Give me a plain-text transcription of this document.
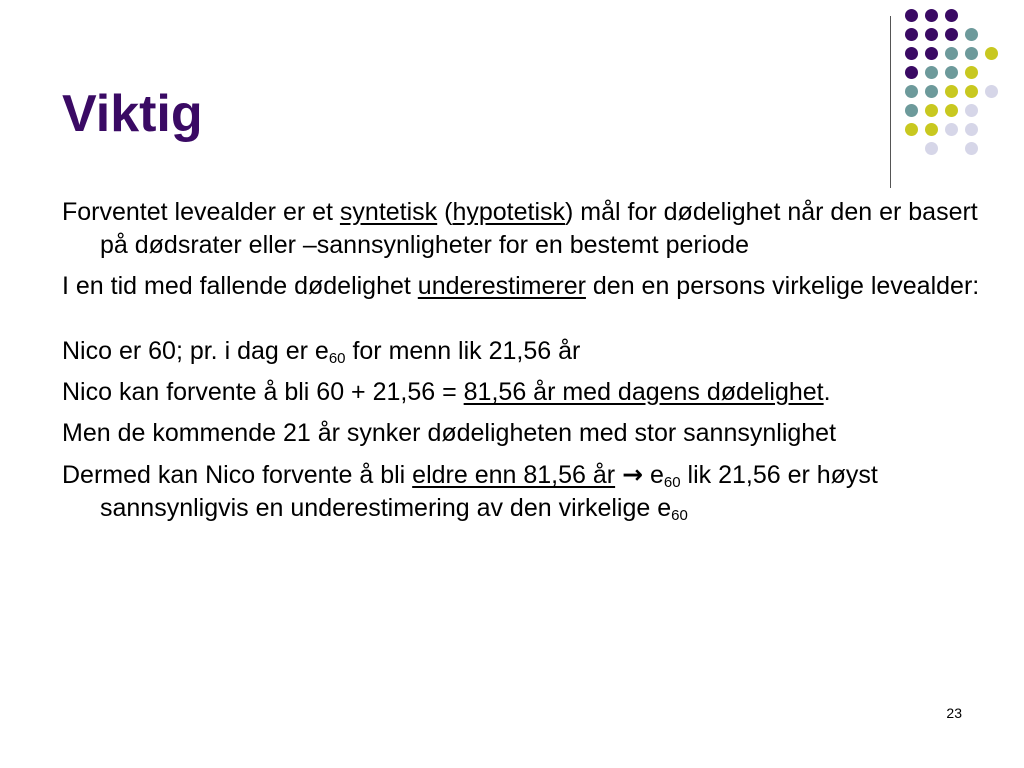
Viktig

Forventet levealder er et syntetisk (hypotetisk) mål for dødelighet når den er basert på dødsrater eller –sannsynligheter for en bestemt periode

I en tid med fallende dødelighet underestimerer den en persons virkelige levealder:

Nico er 60; pr. i dag er $e_{60}$ for menn lik 21,56 år

Nico kan forvente å bli 60 + 21,56 = 81,56 år med dagens dødelighet.

Men de kommende 21 år synker dødeligheten med stor sannsynlighet

Dermed kan Nico forvente å bli eldre enn 81,56 år → $e_{60}$ lik 21,56 er høyst sannsynligvis en underestimering av den virkelige $e_{60}$

23
